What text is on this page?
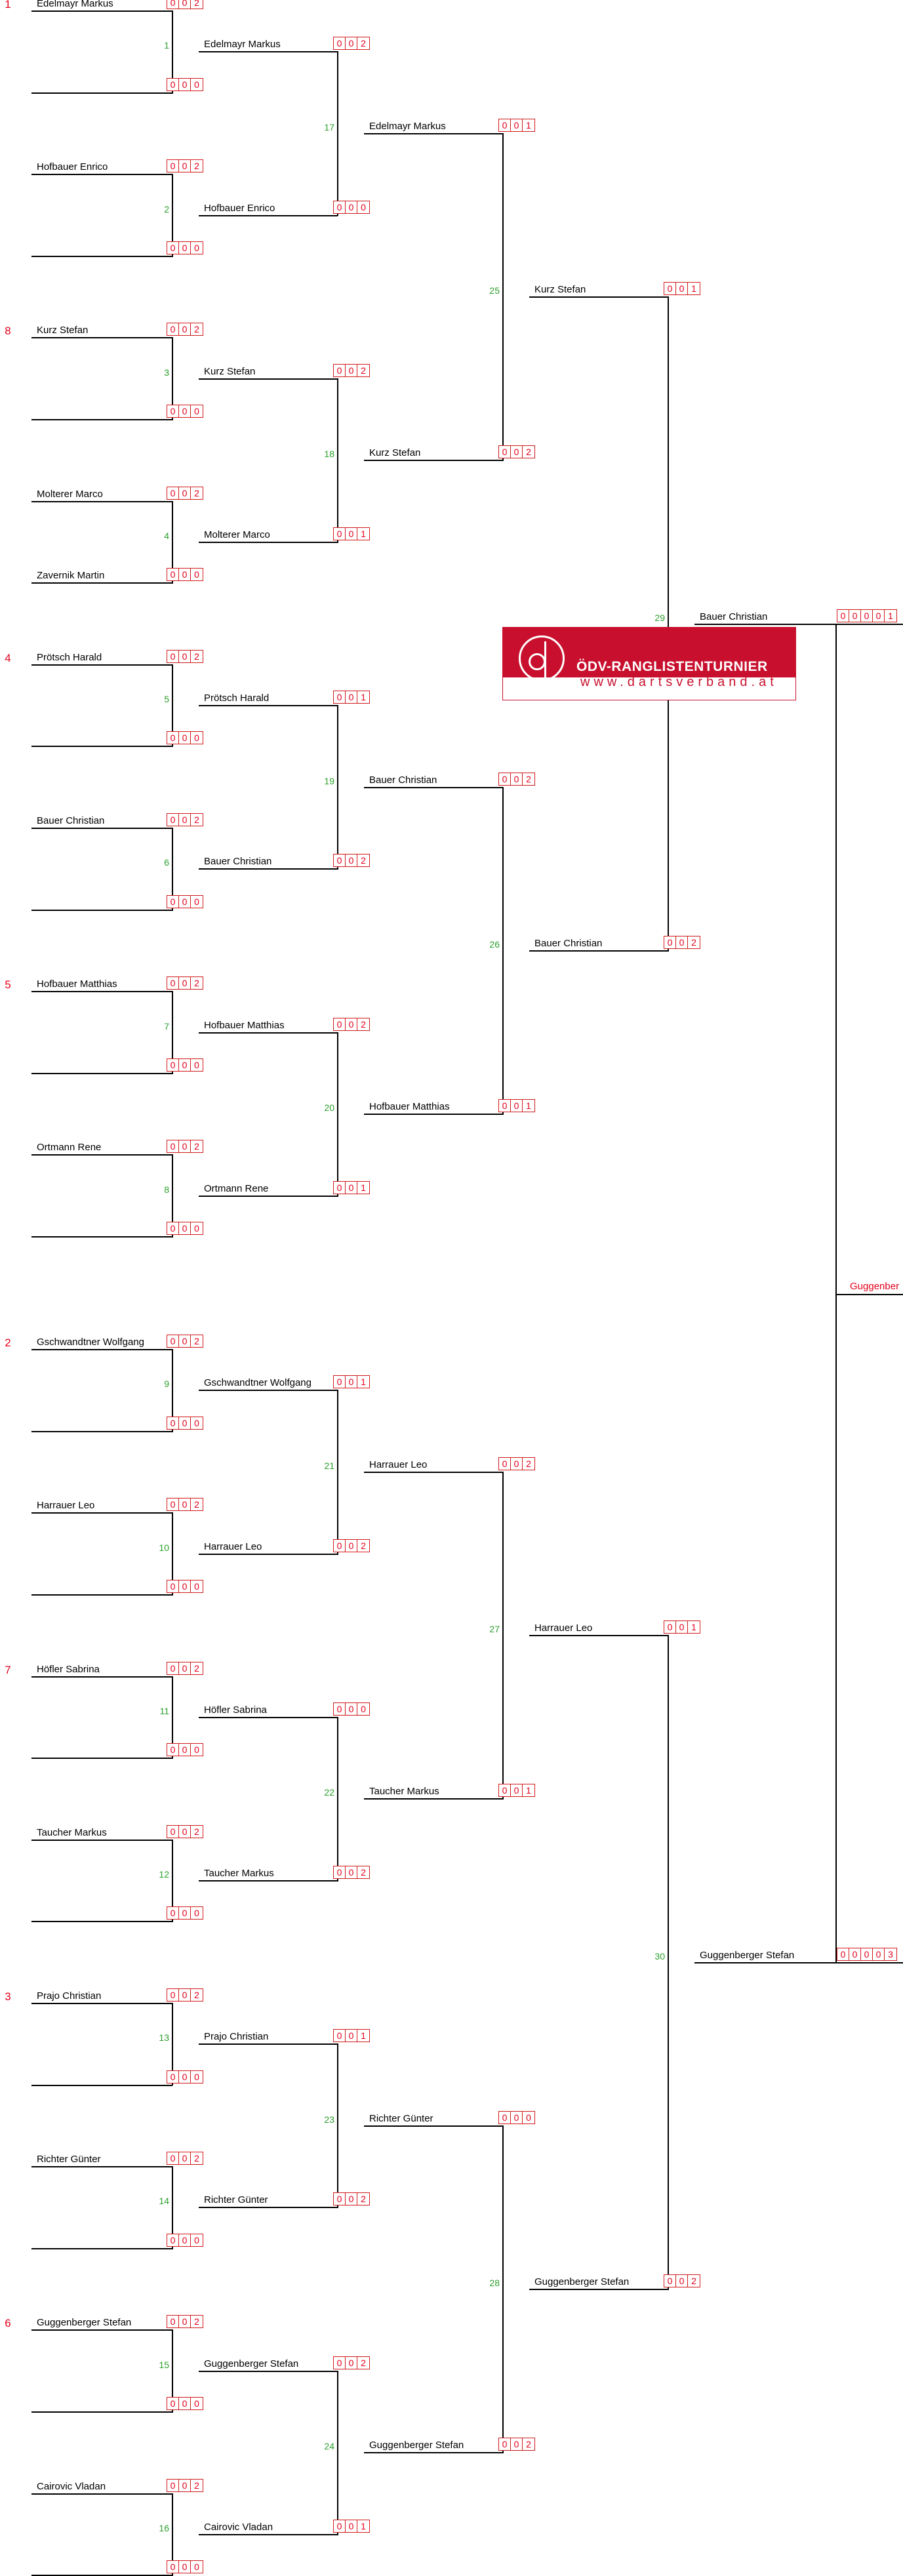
Edelmayr Markus	0 0 2
0 0 0
1
1
Hofbauer Enrico	0 0 2
0 0 0
2
Kurz Stefan	0 0 2
0 0 0
3
8
Molterer Marco
Zavernik Martin
0 0 2
0 0 0
4
Prötsch Harald	0 0 2
0 0 0
5
4
Bauer Christian	0 0 2
0 0 0
6
Hofbauer Matthias	0 0 2
0 0 0
7
5
Ortmann Rene	0 0 2
0 0 0
8
Gschwandtner Wolfgang	0 0 2
0 0 0
9
2
Harrauer Leo	0 0 2
0 0 0
10
Höfler Sabrina	0 0 2
0 0 0
11
7
Taucher Markus	0 0 2
0 0 0
12
Prajo Christian	0 0 2
0 0 0
13
3
Richter Günter	0 0 2
0 0 0
14
Guggenberger Stefan	0 0 2
0 0 0
15
6
Cairovic Vladan	0 0 2
0 0 0
16
Edelmayr Markus
Hofbauer Enrico
0 0 2
0 0 0
17
Kurz Stefan
Molterer Marco
0 0 2
0 0 1
18
Prötsch Harald
Bauer Christian
0 0 1
0 0 2
19
Hofbauer Matthias
Ortmann Rene
0 0 2
0 0 1
20
Gschwandtner Wolfgang
Harrauer Leo
0 0 1
0 0 2
21
Höfler Sabrina
Taucher Markus
0 0 0
0 0 2
22
Prajo Christian
Richter Günter
0 0 1
0 0 2
23
Guggenberger Stefan
Cairovic Vladan
0 0 2
0 0 1
24
Edelmayr Markus
Kurz Stefan
0 0 1
0 0 2
25
Bauer Christian
Hofbauer Matthias
0 0 2
0 0 1
26
Harrauer Leo
Taucher Markus
0 0 2
0 0 1
27
Richter Günter
Guggenberger Stefan
0 0 0
0 0 2
28
Kurz Stefan
Bauer Christian
0 0 1
0 0 2
29
Harrauer Leo
Guggenberger Stefan
0 0 1
0 0 2
30
Bauer Christian
Guggenberger Stefan
0 0 0 0 1
0 0 0 0 3
Guggenber
ÖDV-RANGLISTENTURNIER
www.dartsverband.at
